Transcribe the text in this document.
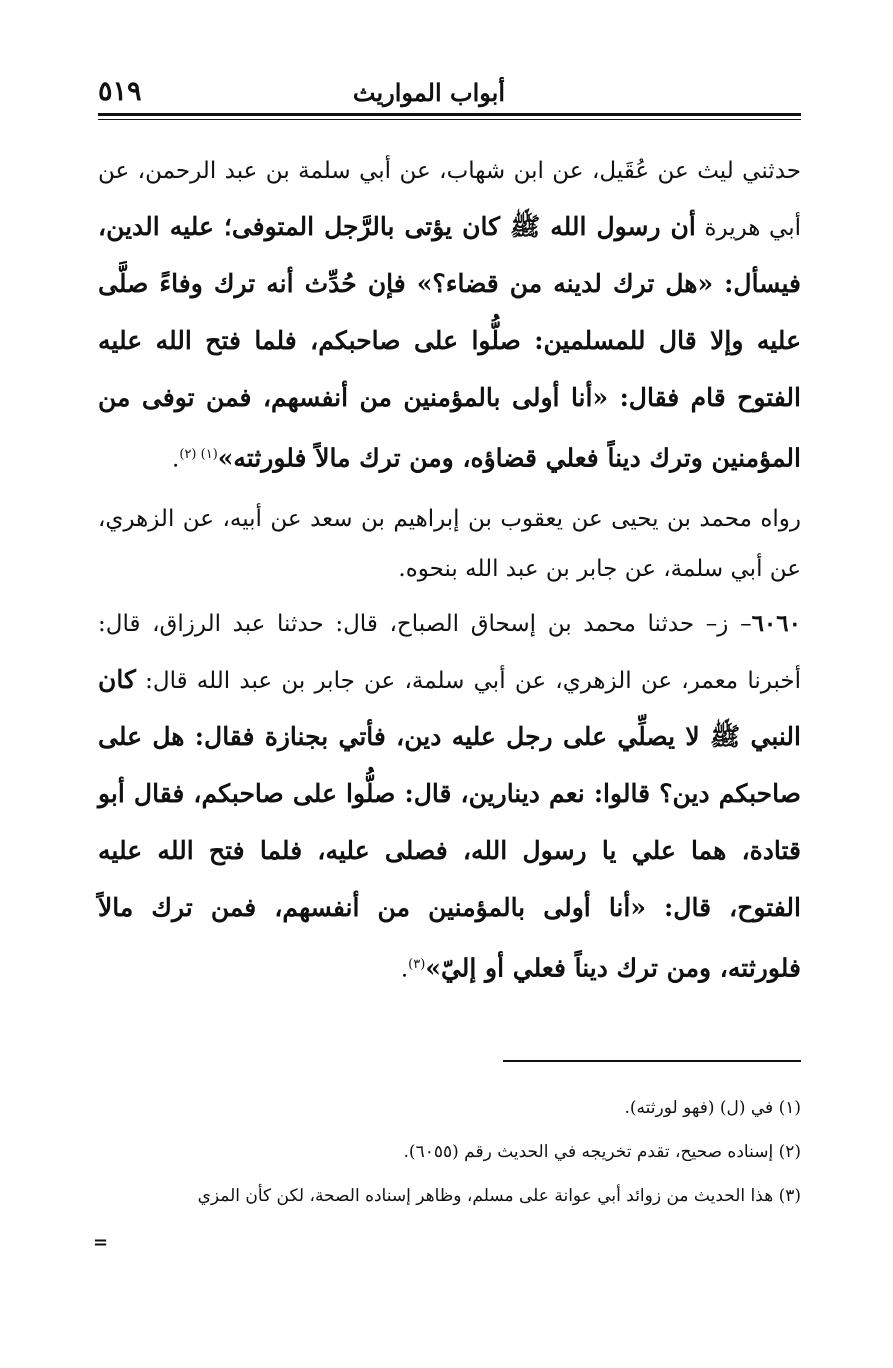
أبواب المواريث
٥١٩

حدثني ليث عن عُقَيل، عن ابن شهاب، عن أبي سلمة بن عبد الرحمن، عن أبي هريرة أن رسول الله ﷺ كان يؤتى بالرَّجل المتوفى؛ عليه الدين، فيسأل: «هل ترك لدينه من قضاء؟» فإن حُدِّث أنه ترك وفاءً صلَّى عليه وإلا قال للمسلمين: صلُّوا على صاحبكم، فلما فتح الله عليه الفتوح قام فقال: «أنا أولى بالمؤمنين من أنفسهم، فمن توفى من المؤمنين وترك ديناً فعلي قضاؤه، ومن ترك مالاً فلورثته»$^{(١) (٢)}$.

رواه محمد بن يحيى عن يعقوب بن إبراهيم بن سعد عن أبيه، عن الزهري، عن أبي سلمة، عن جابر بن عبد الله بنحوه.

٦٠٦٠– ز– حدثنا محمد بن إسحاق الصباح، قال: حدثنا عبد الرزاق، قال: أخبرنا معمر، عن الزهري، عن أبي سلمة، عن جابر بن عبد الله قال: كان النبي ﷺ لا يصلِّي على رجل عليه دين، فأتي بجنازة فقال: هل على صاحبكم دين؟ قالوا: نعم دينارين، قال: صلُّوا على صاحبكم، فقال أبو قتادة، هما علي يا رسول الله، فصلى عليه، فلما فتح الله عليه الفتوح، قال: «أنا أولى بالمؤمنين من أنفسهم، فمن ترك مالاً فلورثته، ومن ترك ديناً فعلي أو إليّ»$^{(٣)}$.

(١) في (ل) (فهو لورثته).

(٢) إسناده صحيح، تقدم تخريجه في الحديث رقم (٦٠٥٥).

(٣) هذا الحديث من زوائد أبي عوانة على مسلم، وظاهر إسناده الصحة، لكن كأن المزي

=
